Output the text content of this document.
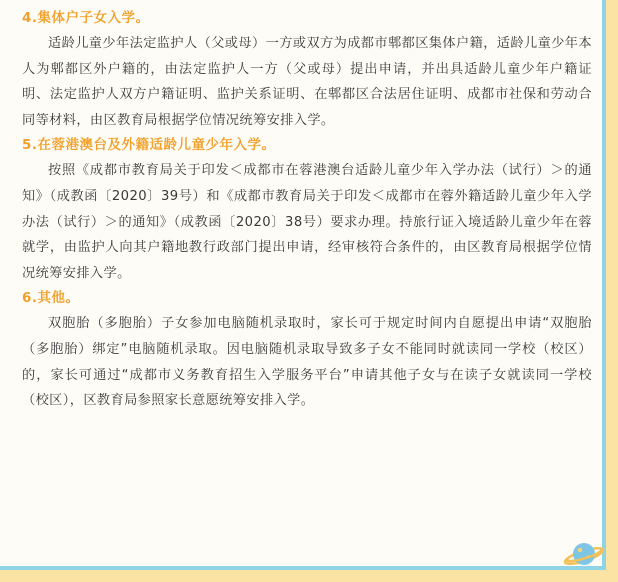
4.集体户子女入学。

适龄儿童少年法定监护人（父或母）一方或双方为成都市郫都区集体户籍，适龄儿童少年本人为郫都区外户籍的，由法定监护人一方（父或母）提出申请，并出具适龄儿童少年户籍证明、法定监护人双方户籍证明、监护关系证明、在郫都区合法居住证明、成都市社保和劳动合同等材料，由区教育局根据学位情况统筹安排入学。

5.在蓉港澳台及外籍适龄儿童少年入学。

按照《成都市教育局关于印发＜成都市在蓉港澳台适龄儿童少年入学办法（试行）＞的通知》（成教函〔2020〕39号）和《成都市教育局关于印发＜成都市在蓉外籍适龄儿童少年入学办法（试行）＞的通知》（成教函〔2020〕38号）要求办理。持旅行证入境适龄儿童少年在蓉就学，由监护人向其户籍地教行政部门提出申请，经审核符合条件的，由区教育局根据学位情况统筹安排入学。

6.其他。

双胞胎（多胞胎）子女参加电脑随机录取时，家长可于规定时间内自愿提出申请“双胞胎（多胞胎）绑定”电脑随机录取。因电脑随机录取导致多子女不能同时就读同一学校（校区）的，家长可通过“成都市义务教育招生入学服务平台”申请其他子女与在读子女就读同一学校（校区），区教育局参照家长意愿统筹安排入学。
